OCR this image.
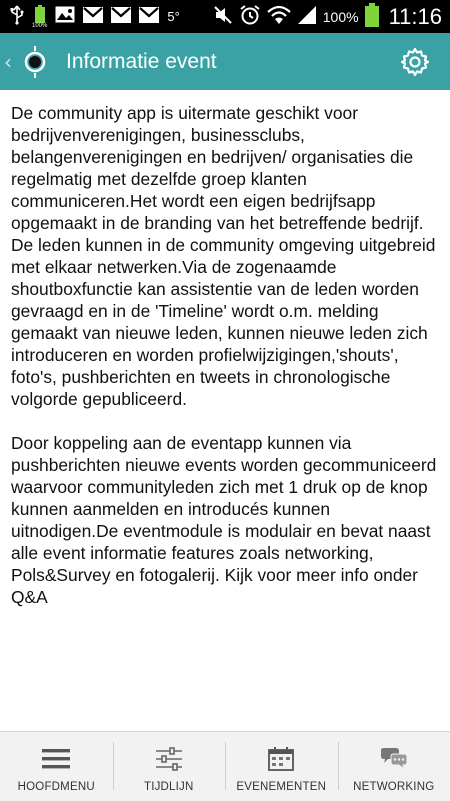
100%
5°	100% 11:16
‹	Informatie event

De community app is uitermate geschikt voor bedrijvenverenigingen, businessclubs, belangenverenigingen en bedrijven/ organisaties die regelmatig met dezelfde groep klanten communiceren.Het wordt een eigen bedrijfsapp opgemaakt in de branding van het betreffende bedrijf.  De leden kunnen in de community omgeving uitgebreid met elkaar netwerken.Via de zogenaamde shoutboxfunctie kan assistentie van de leden worden gevraagd en in de 'Timeline' wordt o.m. melding gemaakt van nieuwe leden, kunnen nieuwe leden zich introduceren en worden profielwijzigingen,'shouts', foto's, pushberichten en tweets in chronologische volgorde gepubliceerd.

Door koppeling aan de eventapp kunnen via pushberichten nieuwe events worden gecommuniceerd waarvoor communityleden zich met 1 druk op de knop kunnen aanmelden en introducés kunnen uitnodigen.De eventmodule is modulair en bevat naast alle event informatie features zoals networking, Pols&Survey en fotogalerij. Kijk voor meer info onder Q&A

HOOFDMENU	TIJDLIJN	EVENEMENTEN NETWORKING
